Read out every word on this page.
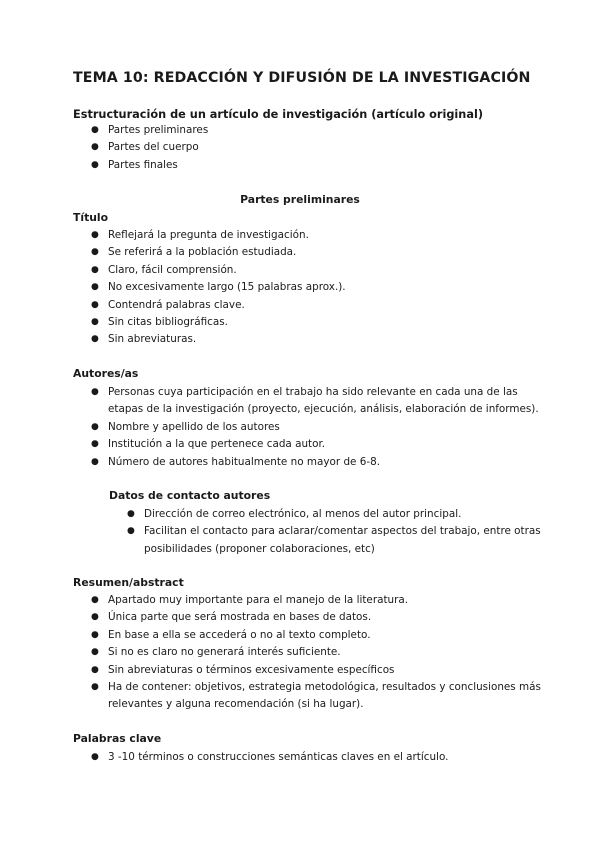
TEMA 10: REDACCIÓN Y DIFUSIÓN DE LA INVESTIGACIÓN
Estructuración de un artículo de investigación (artículo original)
● Partes preliminares
● Partes del cuerpo
● Partes finales
Partes preliminares
Título
● Reflejará la pregunta de investigación.
● Se referirá a la población estudiada.
● Claro, fácil comprensión.
● No excesivamente largo (15 palabras aprox.).
● Contendrá palabras clave.
● Sin citas bibliográficas.
● Sin abreviaturas.
Autores/as
● Personas cuya participación en el trabajo ha sido relevante en cada una de las
etapas de la investigación (proyecto, ejecución, análisis, elaboración de informes).
● Nombre y apellido de los autores
● Institución a la que pertenece cada autor.
● Número de autores habitualmente no mayor de 6-8.
Datos de contacto autores
● Dirección de correo electrónico, al menos del autor principal.
● Facilitan el contacto para aclarar/comentar aspectos del trabajo, entre otras
posibilidades (proponer colaboraciones, etc)
Resumen/abstract
● Apartado muy importante para el manejo de la literatura.
● Única parte que será mostrada en bases de datos.
● En base a ella se accederá o no al texto completo.
● Si no es claro no generará interés suficiente.
● Sin abreviaturas o términos excesivamente específicos
● Ha de contener: objetivos, estrategia metodológica, resultados y conclusiones más
relevantes y alguna recomendación (si ha lugar).
Palabras clave
● 3 -10 términos o construcciones semánticas claves en el artículo.
